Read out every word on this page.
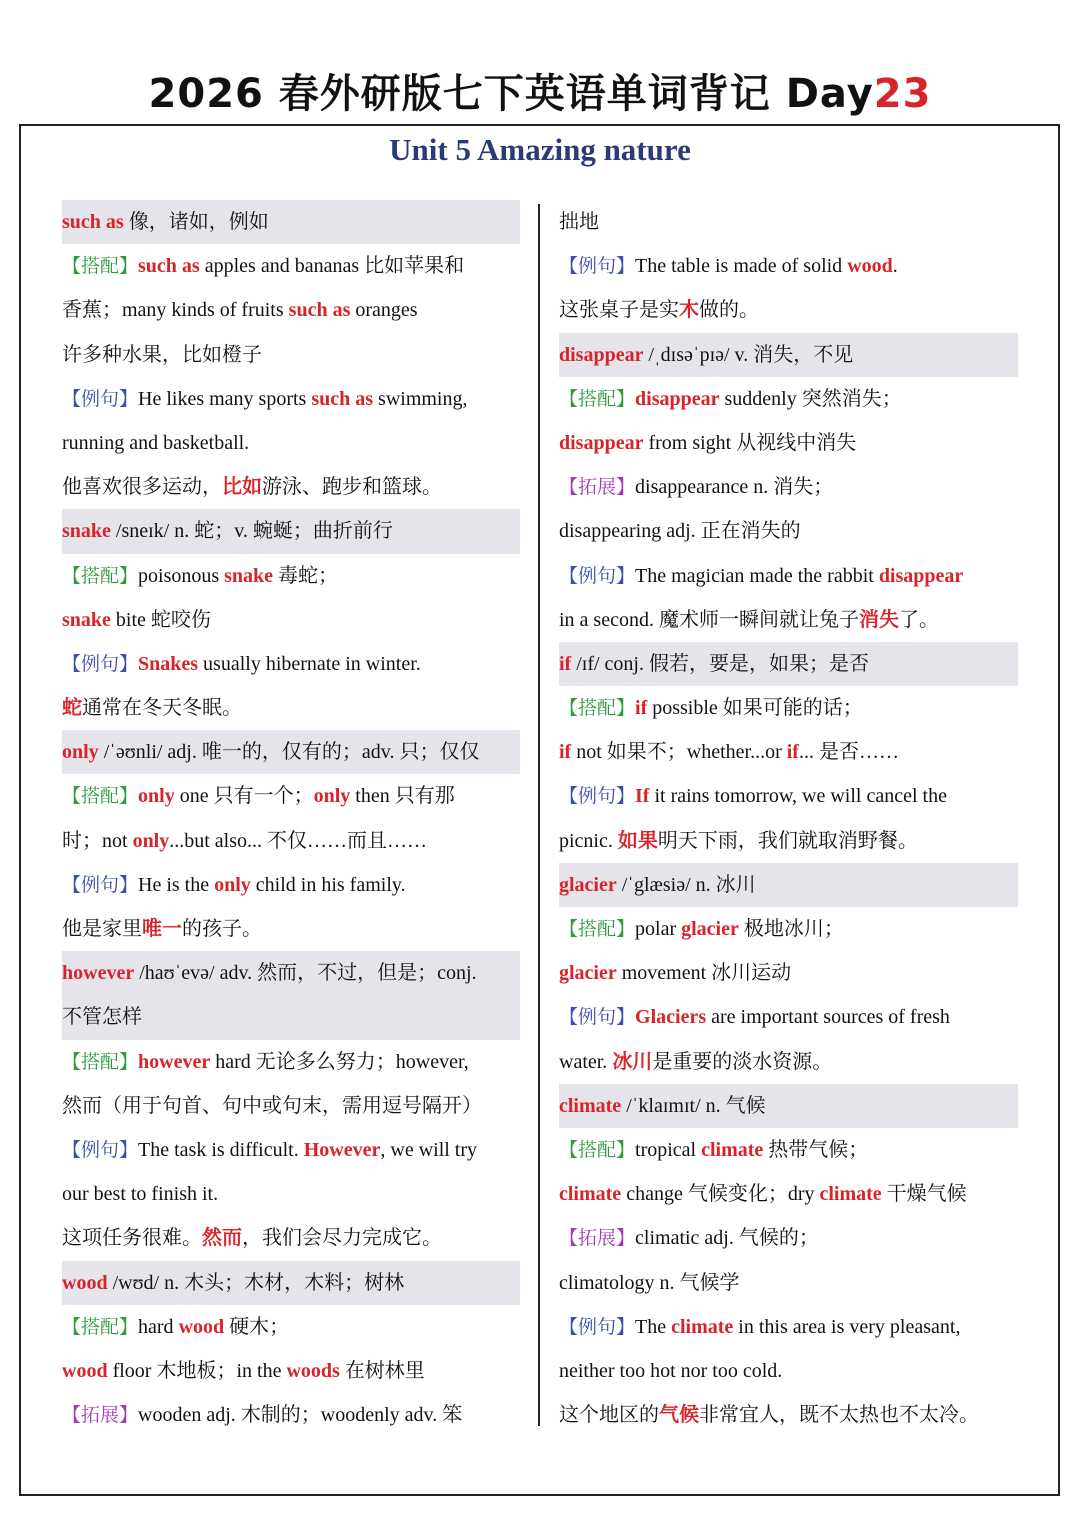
2026 春外研版七下英语单词背记 Day23
Unit 5 Amazing nature
such as 像，诸如，例如
【搭配】such as apples and bananas 比如苹果和
香蕉；many kinds of fruits such as oranges
许多种水果，比如橙子
【例句】He likes many sports such as swimming,
running and basketball.
他喜欢很多运动，比如游泳、跑步和篮球。
snake /sneɪk/ n. 蛇；v. 蜿蜒；曲折前行
【搭配】poisonous snake 毒蛇；
snake bite 蛇咬伤
【例句】Snakes usually hibernate in winter.
蛇通常在冬天冬眠。
only /ˈəʊnli/ adj. 唯一的，仅有的；adv. 只；仅仅
【搭配】only one 只有一个；only then 只有那
时；not only...but also... 不仅……而且……
【例句】He is the only child in his family.
他是家里唯一的孩子。
however /haʊˈevə/ adv. 然而，不过，但是；conj.
不管怎样
【搭配】however hard 无论多么努力；however,
然而（用于句首、句中或句末，需用逗号隔开）
【例句】The task is difficult. However, we will try
our best to finish it.
这项任务很难。然而，我们会尽力完成它。
wood /wʊd/ n. 木头；木材，木料；树林
【搭配】hard wood 硬木；
wood floor 木地板；in the woods 在树林里
【拓展】wooden adj. 木制的；woodenly adv. 笨
拙地
【例句】The table is made of solid wood.
这张桌子是实木做的。
disappear /ˌdɪsəˈpɪə/ v. 消失，不见
【搭配】disappear suddenly 突然消失；
disappear from sight 从视线中消失
【拓展】disappearance n. 消失；
disappearing adj. 正在消失的
【例句】The magician made the rabbit disappear
in a second. 魔术师一瞬间就让兔子消失了。
if /ɪf/ conj. 假若，要是，如果；是否
【搭配】if possible 如果可能的话；
if not 如果不；whether...or if... 是否……
【例句】If it rains tomorrow, we will cancel the
picnic. 如果明天下雨，我们就取消野餐。
glacier /ˈglæsiə/ n. 冰川
【搭配】polar glacier 极地冰川；
glacier movement 冰川运动
【例句】Glaciers are important sources of fresh
water. 冰川是重要的淡水资源。
climate /ˈklaɪmɪt/ n. 气候
【搭配】tropical climate 热带气候；
climate change 气候变化；dry climate 干燥气候
【拓展】climatic adj. 气候的；
climatology n. 气候学
【例句】The climate in this area is very pleasant,
neither too hot nor too cold.
这个地区的气候非常宜人，既不太热也不太冷。
